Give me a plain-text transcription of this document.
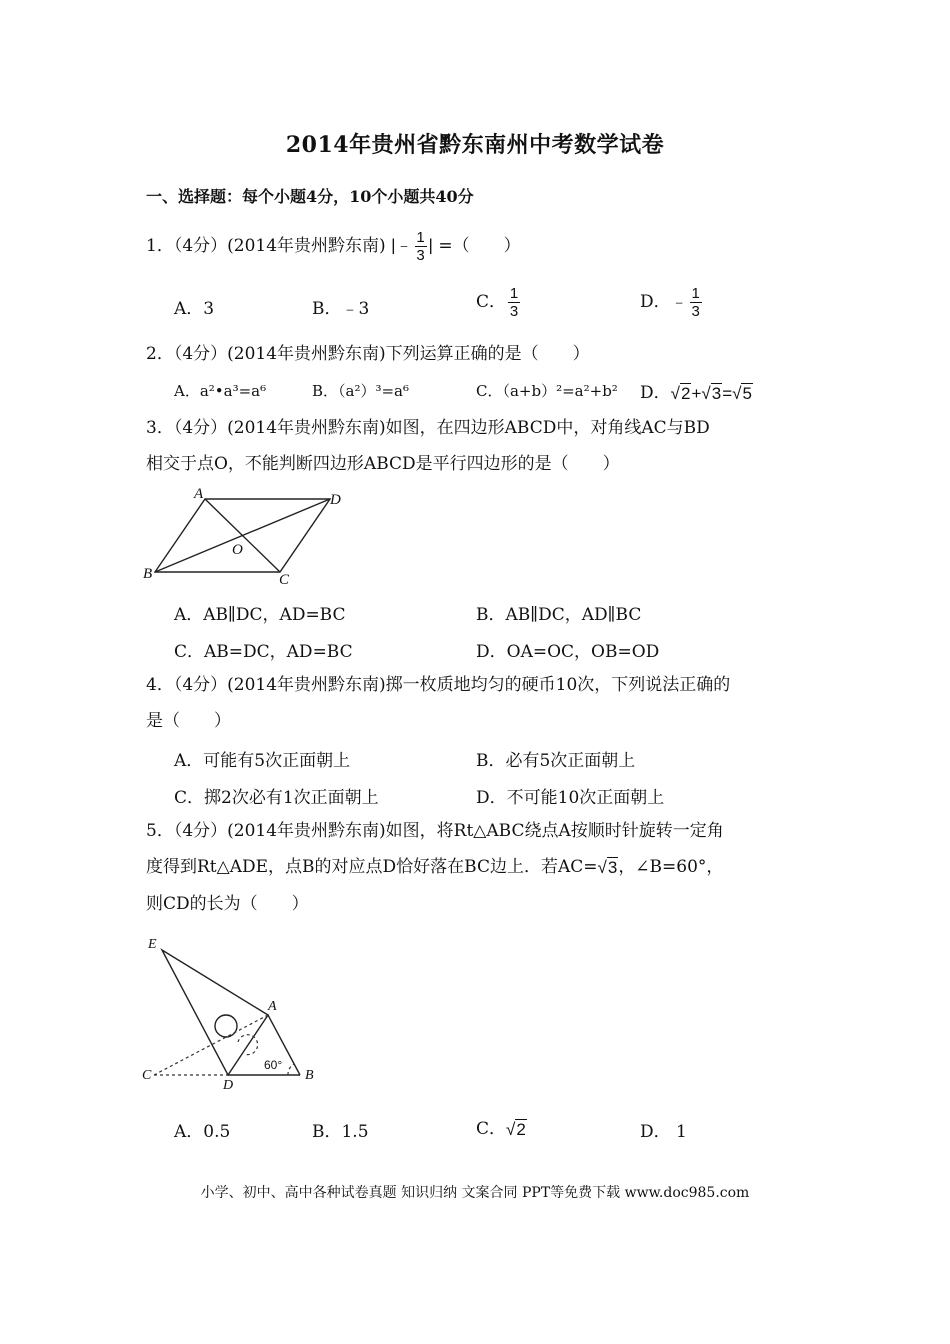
2014年贵州省黔东南州中考数学试卷
一、选择题：每个小题4分，10个小题共40分
1．（4分）(2014年贵州黔东南) |﹣ $\frac{1}{3}$ | =（　　）
A．3	B．﹣3	C． $\frac{1}{3}$	D．﹣ $\frac{1}{3}$
2．（4分）(2014年贵州黔东南)下列运算正确的是（　　）
A．a²•a³=a⁶	B．（a²）³=a⁶	C．（a+b）²=a²+b² D．√2+√3=√5
3．（4分）(2014年贵州黔东南)如图，在四边形ABCD中，对角线AC与BD
相交于点O，不能判断四边形ABCD是平行四边形的是（　　）
A	D
B	C
O
A．AB∥DC，AD=BC	B．AB∥DC，AD∥BC
C．AB=DC，AD=BC	D．OA=OC，OB=OD
4．（4分）(2014年贵州黔东南)掷一枚质地均匀的硬币10次，下列说法正确的
是（　　）
A．可能有5次正面朝上	B．必有5次正面朝上
C．掷2次必有1次正面朝上	D．不可能10次正面朝上
5．（4分）(2014年贵州黔东南)如图，将Rt△ABC绕点A按顺时针旋转一定角
度得到Rt△ADE，点B的对应点D恰好落在BC边上．若AC=√3，∠B=60°，
则CD的长为（　　）
E
A
C
D
B
60°
A．0.5	B．1.5	C．√2	D． 1
小学、初中、高中各种试卷真题 知识归纳 文案合同 PPT等免费下载 www.doc985.com
